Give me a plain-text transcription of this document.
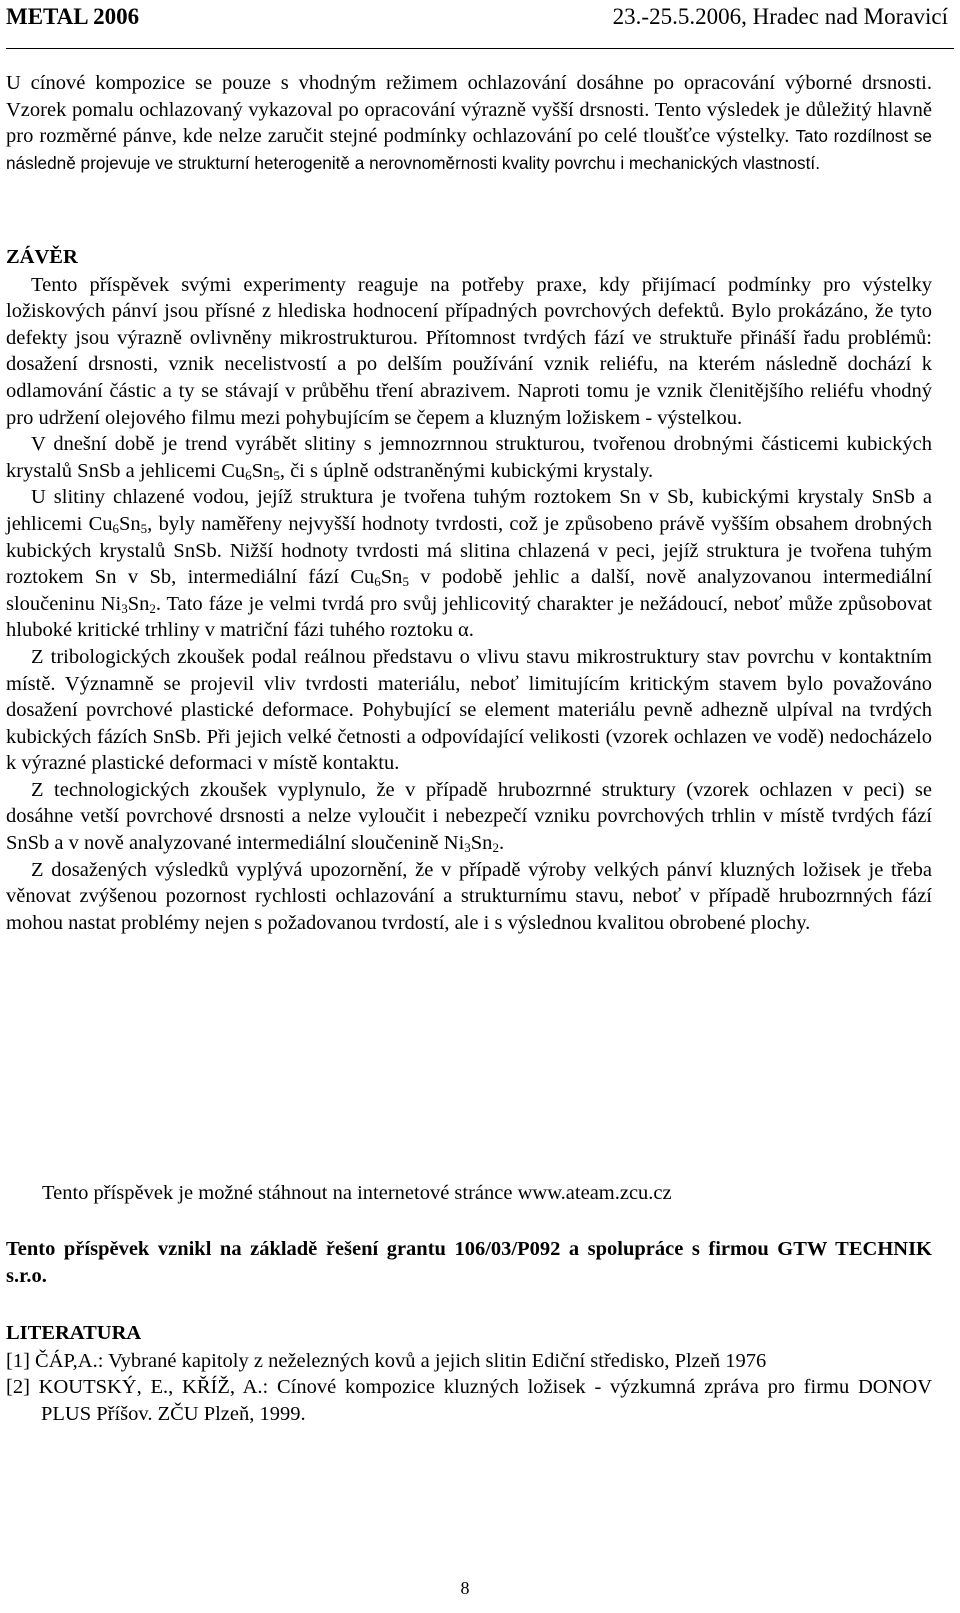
METAL 2006	23.-25.5.2006, Hradec nad Moravicí
U cínové kompozice se pouze s vhodným režimem ochlazování dosáhne po opracování výborné drsnosti. Vzorek pomalu ochlazovaný vykazoval po opracování výrazně vyšší drsnosti. Tento výsledek je důležitý hlavně pro rozměrné pánve, kde nelze zaručit stejné podmínky ochlazování po celé tloušťce výstelky. Tato rozdílnost se následně projevuje ve strukturní heterogenitě a nerovnoměrnosti kvality povrchu i mechanických vlastností.

ZÁVĚR

Tento příspěvek svými experimenty reaguje na potřeby praxe, kdy přijímací podmínky pro výstelky ložiskových pánví jsou přísné z hlediska hodnocení případných povrchových defektů. Bylo prokázáno, že tyto defekty jsou výrazně ovlivněny mikrostrukturou. Přítomnost tvrdých fází ve struktuře přináší řadu problémů: dosažení drsnosti, vznik necelistvostí a po delším používání vznik reliéfu, na kterém následně dochází k odlamování částic a ty se stávají v průběhu tření abrazivem. Naproti tomu je vznik členitějšího reliéfu vhodný pro udržení olejového filmu mezi pohybujícím se čepem a kluzným ložiskem - výstelkou.

V dnešní době je trend vyrábět slitiny s jemnozrnnou strukturou, tvořenou drobnými částicemi kubických krystalů SnSb a jehlicemi $Cu_6Sn_5$, či s úplně odstraněnými kubickými krystaly.

U slitiny chlazené vodou, jejíž struktura je tvořena tuhým roztokem Sn v Sb, kubickými krystaly SnSb a jehlicemi $Cu_6Sn_5$, byly naměřeny nejvyšší hodnoty tvrdosti, což je způsobeno právě vyšším obsahem drobných kubických krystalů SnSb. Nižší hodnoty tvrdosti má slitina chlazená v peci, jejíž struktura je tvořena tuhým roztokem Sn v Sb, intermediální fází $Cu_6Sn_5$ v podobě jehlic a další, nově analyzovanou intermediální sloučeninu $Ni_3Sn_2$. Tato fáze je velmi tvrdá pro svůj jehlicovitý charakter je nežádoucí, neboť může způsobovat hluboké kritické trhliny v matriční fázi tuhého roztoku α.

Z tribologických zkoušek podal reálnou představu o vlivu stavu mikrostruktury stav povrchu v kontaktním místě. Významně se projevil vliv tvrdosti materiálu, neboť limitujícím kritickým stavem bylo považováno dosažení povrchové plastické deformace. Pohybující se element materiálu pevně adhezně ulpíval na tvrdých kubických fázích SnSb. Při jejich velké četnosti a odpovídající velikosti (vzorek ochlazen ve vodě) nedocházelo k výrazné plastické deformaci v místě kontaktu.

Z technologických zkoušek vyplynulo, že v případě hrubozrnné struktury (vzorek ochlazen v peci) se dosáhne vetší povrchové drsnosti a nelze vyloučit i nebezpečí vzniku povrchových trhlin v místě tvrdých fází SnSb a v nově analyzované intermediální sloučenině $Ni_3Sn_2$.

Z dosažených výsledků vyplývá upozornění, že v případě výroby velkých pánví kluzných ložisek je třeba věnovat zvýšenou pozornost rychlosti ochlazování a strukturnímu stavu, neboť v případě hrubozrnných fází mohou nastat problémy nejen s požadovanou tvrdostí, ale i s výslednou kvalitou obrobené plochy.

Tento příspěvek je možné stáhnout na internetové stránce www.ateam.zcu.cz
Tento příspěvek vznikl na základě řešení grantu 106/03/P092 a spolupráce s firmou GTW TECHNIK s.r.o.

LITERATURA

[1] ČÁP,A.: Vybrané kapitoly z neželezných kovů a jejich slitin Ediční středisko, Plzeň 1976

[2] KOUTSKÝ, E., KŘÍŽ, A.: Cínové kompozice kluzných ložisek - výzkumná zpráva pro firmu DONOV PLUS Příšov. ZČU Plzeň, 1999.

8
